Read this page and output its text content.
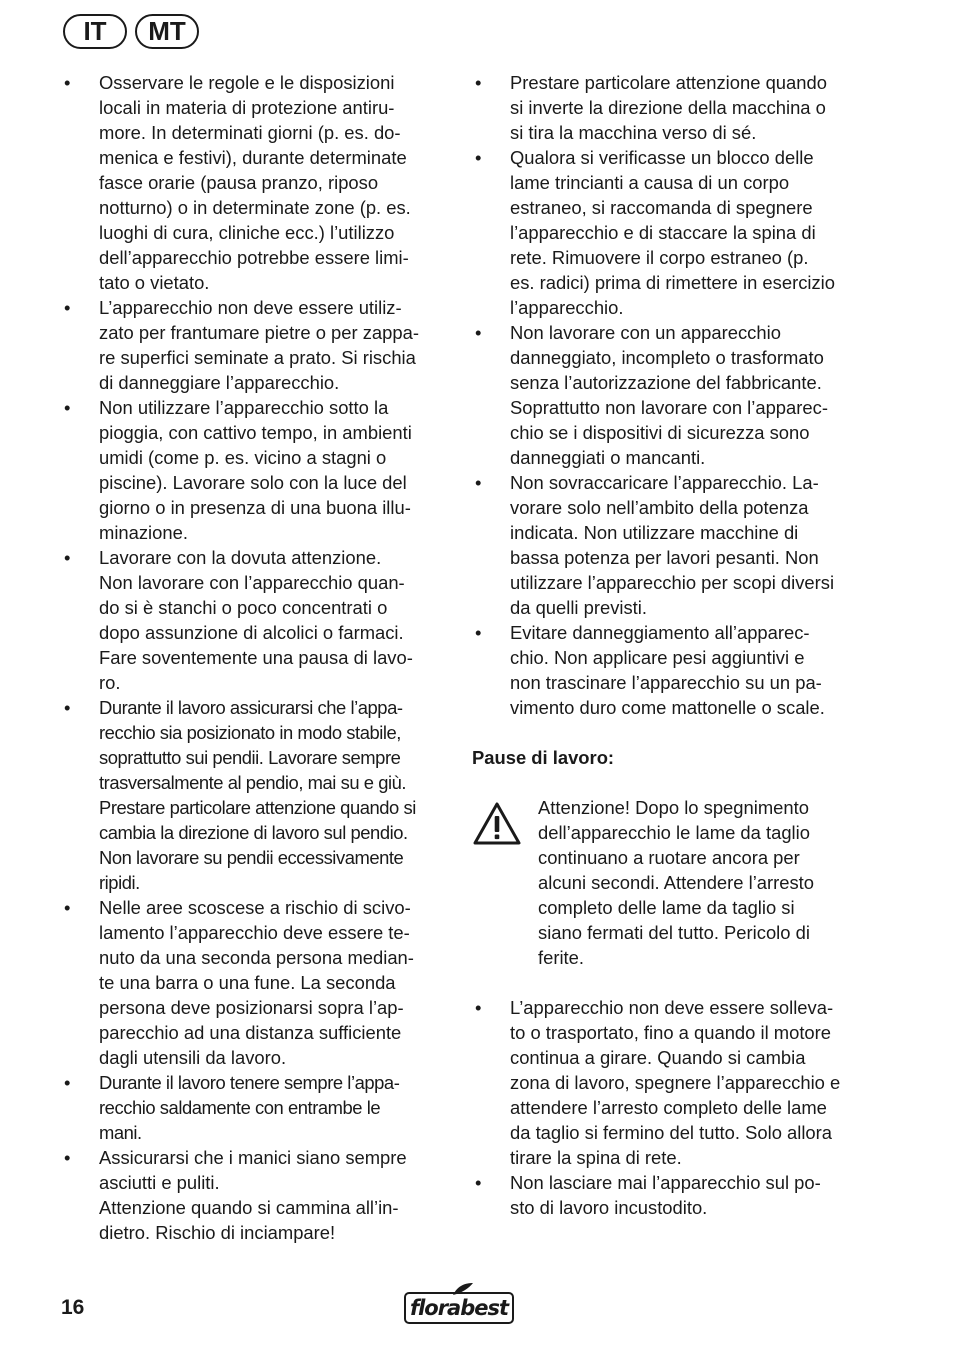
IT	MT
• Osservare le regole e le disposizioni
locali in materia di protezione antiru-
more. In determinati giorni (p. es. do-
menica e festivi), durante determinate
fasce orarie (pausa pranzo, riposo
notturno) o in determinate zone (p. es.
luoghi di cura, cliniche ecc.) l’utilizzo
dell’apparecchio potrebbe essere limi-
tato o vietato.
• L’apparecchio non deve essere utiliz-
zato per frantumare pietre o per zappa-
re superfici seminate a prato. Si rischia
di danneggiare l’apparecchio.
• Non utilizzare l’apparecchio sotto la
pioggia, con cattivo tempo, in ambienti
umidi (come p. es. vicino a stagni o
piscine). Lavorare solo con la luce del
giorno o in presenza di una buona illu-
minazione.
• Lavorare con la dovuta attenzione.
Non lavorare con l’apparecchio quan-
do si è stanchi o poco concentrati o
dopo assunzione di alcolici o farmaci.
Fare soventemente una pausa di lavo-
ro.
• Durante il lavoro assicurarsi che l’appa-
recchio sia posizionato in modo stabile,
soprattutto sui pendii. Lavorare sempre
trasversalmente al pendio, mai su e giù.
Prestare particolare attenzione quando si
cambia la direzione di lavoro sul pendio.
Non lavorare su pendii eccessivamente
ripidi.
• Nelle aree scoscese a rischio di scivo-
lamento l’apparecchio deve essere te-
nuto da una seconda persona median-
te una barra o una fune. La seconda
persona deve posizionarsi sopra l’ap-
parecchio ad una distanza sufficiente
dagli utensili da lavoro.
• Durante il lavoro tenere sempre l’appa-
recchio saldamente con entrambe le
mani.
• Assicurarsi che i manici siano sempre
asciutti e puliti.
Attenzione quando si cammina all’in-
dietro. Rischio di inciampare!
• Prestare particolare attenzione quando
si inverte la direzione della macchina o
si tira la macchina verso di sé.
• Qualora si verificasse un blocco delle
lame trincianti a causa di un corpo
estraneo, si raccomanda di spegnere
l’apparecchio e di staccare la spina di
rete. Rimuovere il corpo estraneo (p.
es. radici) prima di rimettere in esercizio
l’apparecchio.
• Non lavorare con un apparecchio
danneggiato, incompleto o trasformato
senza l’autorizzazione del fabbricante.
Soprattutto non lavorare con l’apparec-
chio se i dispositivi di sicurezza sono
danneggiati o mancanti.
• Non sovraccaricare l’apparecchio. La-
vorare solo nell’ambito della potenza
indicata. Non utilizzare macchine di
bassa potenza per lavori pesanti. Non
utilizzare l’apparecchio per scopi diversi
da quelli previsti.
• Evitare danneggiamento all’apparec-
chio. Non applicare pesi aggiuntivi e
non trascinare l’apparecchio su un pa-
vimento duro come mattonelle o scale.
Pause di lavoro:
Attenzione! Dopo lo spegnimento
dell’apparecchio le lame da taglio
continuano a ruotare ancora per
alcuni secondi. Attendere l’arresto
completo delle lame da taglio si
siano fermati del tutto. Pericolo di
ferite.
• L’apparecchio non deve essere solleva-
to o trasportato, fino a quando il motore
continua a girare. Quando si cambia
zona di lavoro, spegnere l’apparecchio e
attendere l’arresto completo delle lame
da taglio si fermino del tutto. Solo allora
tirare la spina di rete.
• Non lasciare mai l’apparecchio sul po-
sto di lavoro incustodito.
16	florabest
